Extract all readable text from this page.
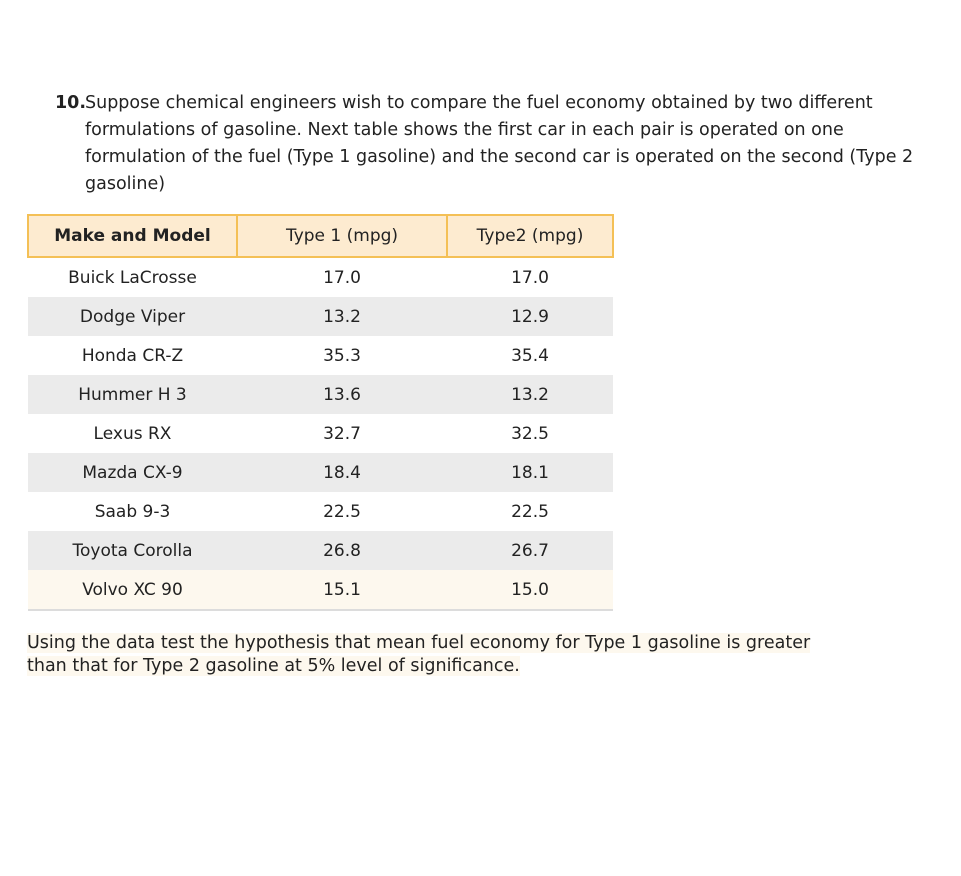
10.
Suppose chemical engineers wish to compare the fuel economy obtained by two different formulations of gasoline. Next table shows the first car in each pair is operated on one formulation of the fuel (Type 1 gasoline) and the second car is operated on the second (Type 2 gasoline)
Make and Model	Type 1 (mpg)	Type2 (mpg)
Buick LaCrosse	17.0	17.0
Dodge Viper	13.2	12.9
Honda CR-Z	35.3	35.4
Hummer H 3	13.6	13.2
Lexus RX	32.7	32.5
Mazda CX-9	18.4	18.1
Saab 9-3	22.5	22.5
Toyota Corolla	26.8	26.7
Volvo XC 90	15.1	15.0
Using the data test the hypothesis that mean fuel economy for Type 1 gasoline is greater
than that for Type 2 gasoline at 5% level of significance.
